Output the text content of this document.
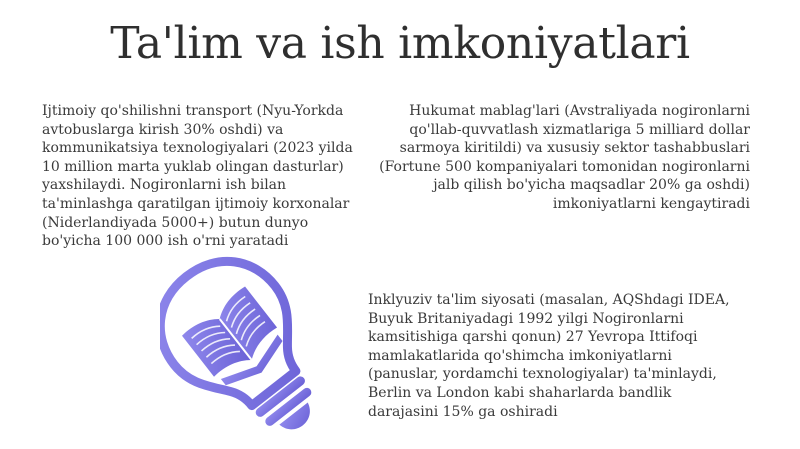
Ta'lim va ish imkoniyatlari

Ijtimoiy qo'shilishni transport (Nyu-Yorkda avtobuslarga kirish 30% oshdi) va kommunikatsiya texnologiyalari (2023 yilda 10 million marta yuklab olingan dasturlar) yaxshilaydi. Nogironlarni ish bilan ta'minlashga qaratilgan ijtimoiy korxonalar (Niderlandiyada 5000+) butun dunyo bo'yicha 100 000 ish o'rni yaratadi

Hukumat mablag'lari (Avstraliyada nogironlarni qo'llab-quvvatlash xizmatlariga 5 milliard dollar sarmoya kiritildi) va xususiy sektor tashabbuslari (Fortune 500 kompaniyalari tomonidan nogironlarni jalb qilish bo'yicha maqsadlar 20% ga oshdi) imkoniyatlarni kengaytiradi

Inklyuziv ta'lim siyosati (masalan, AQShdagi IDEA, Buyuk Britaniyadagi 1992 yilgi Nogironlarni kamsitishiga qarshi qonun) 27 Yevropa Ittifoqi mamlakatlarida qo'shimcha imkoniyatlarni (panuslar, yordamchi texnologiyalar) ta'minlaydi, Berlin va London kabi shaharlarda bandlik darajasini 15% ga oshiradi
